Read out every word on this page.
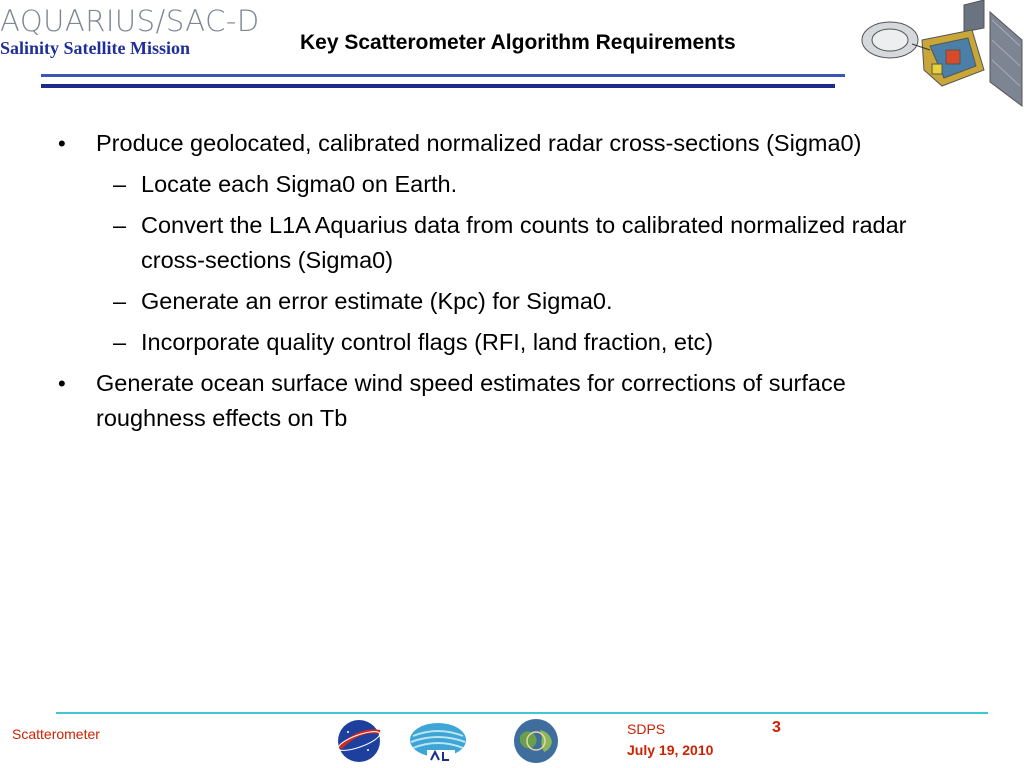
AQUARIUS/SAC-D
Salinity Satellite Mission	Key Scatterometer Algorithm Requirements
•	Produce geolocated, calibrated normalized radar cross-sections (Sigma0)
– Locate each Sigma0 on Earth.
– Convert the L1A Aquarius data from counts to calibrated normalized radar cross-sections (Sigma0)
– Generate an error estimate (Kpc) for Sigma0.
– Incorporate quality control flags (RFI, land fraction, etc)
•	Generate ocean surface wind speed estimates for corrections of surface roughness effects on Tb
Scatterometer	SDPS	3
July 19, 2010
